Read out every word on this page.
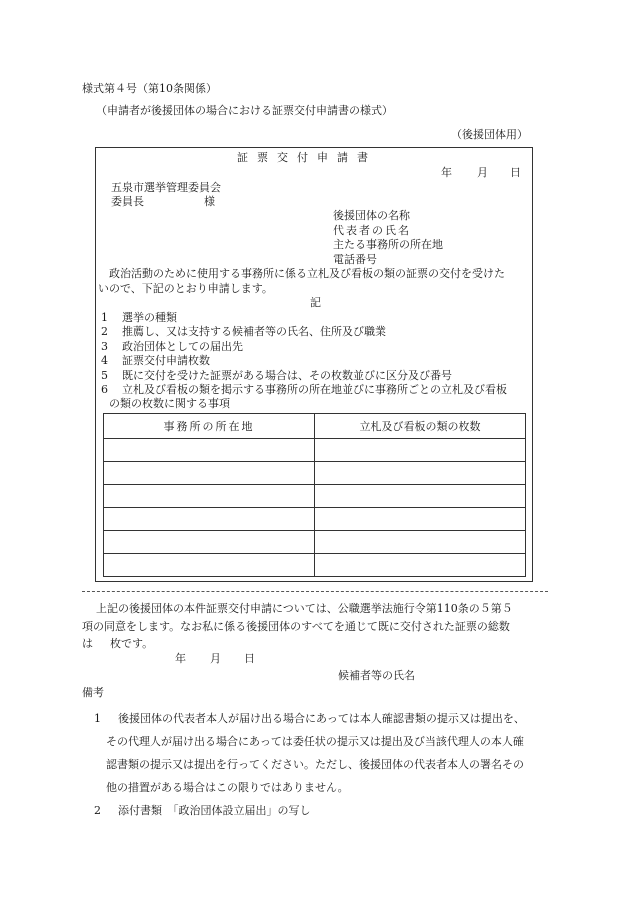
様式第４号（第10条関係）
（申請者が後援団体の場合における証票交付申請書の様式）
（後援団体用）
証票交付申請書
年 月 日
五泉市選挙管理委員会
委員長	様
後援団体の名称
代表者の氏名
主たる事務所の所在地
電話番号
政治活動のために使用する事務所に係る立札及び看板の類の証票の交付を受けた
いので、下記のとおり申請します。
記
1 選挙の種類
2 推薦し、又は支持する候補者等の氏名、住所及び職業
3 政治団体としての届出先
4 証票交付申請枚数
5 既に交付を受けた証票がある場合は、その枚数並びに区分及び番号
6 立札及び看板の類を掲示する事務所の所在地並びに事務所ごとの立札及び看板
の類の枚数に関する事項
事務所の所在地	立札及び看板の類の枚数

上記の後援団体の本件証票交付申請については、公職選挙法施行令第110条の５第５
項の同意をします。なお私に係る後援団体のすべてを通じて既に交付された証票の総数
は 枚です。
年 月 日
候補者等の氏名
備考
1	後援団体の代表者本人が届け出る場合にあっては本人確認書類の提示又は提出を、
その代理人が届け出る場合にあっては委任状の提示又は提出及び当該代理人の本人確
認書類の提示又は提出を行ってください。ただし、後援団体の代表者本人の署名その
他の措置がある場合はこの限りではありません。
2	添付書類　「政治団体設立届出」の写し
